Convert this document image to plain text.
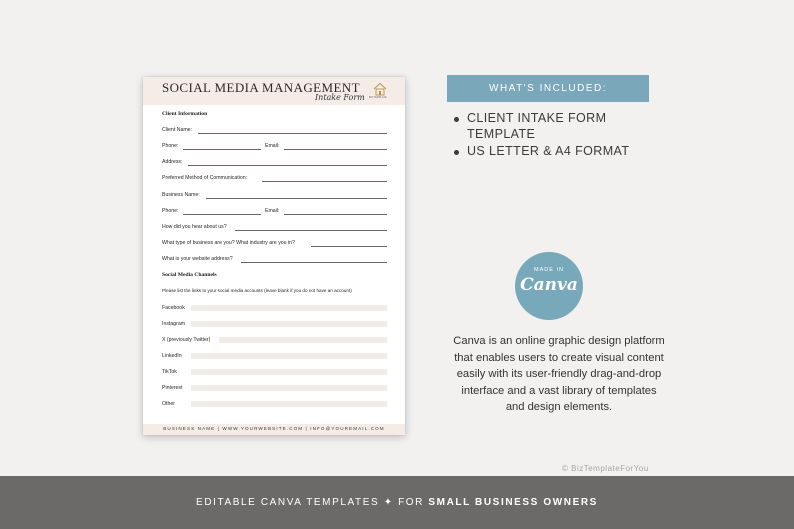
SOCIAL MEDIA MANAGEMENT
Intake Form BIZ TEMPLATE
Client Information
Client Name:
Phone:	Email:
Address:
Preferred Method of Communication:
Business Name:
Phone:	Email:
How did you hear about us?
What type of business are you? What industry are you in?
What is your website address?
Social Media Channels
Please list the links to your social media accounts (leave blank if you do not have an account)
Facebook
Instagram
X (previously Twitter)
LinkedIn
TikTok
Pinterest
Other
BUSINESS NAME | WWW.YOURWEBSITE.COM | INFO@YOUREMAIL.COM
WHAT'S INCLUDED:
CLIENT INTAKE FORM
TEMPLATE
US LETTER & A4 FORMAT
MADE IN
Canva
Canva is an online graphic design platform
that enables users to create visual content
easily with its user-friendly drag-and-drop
interface and a vast library of templates
and design elements.
© BizTemplateForYou
EDITABLE CANVA TEMPLATES ✦ FOR SMALL BUSINESS OWNERS
